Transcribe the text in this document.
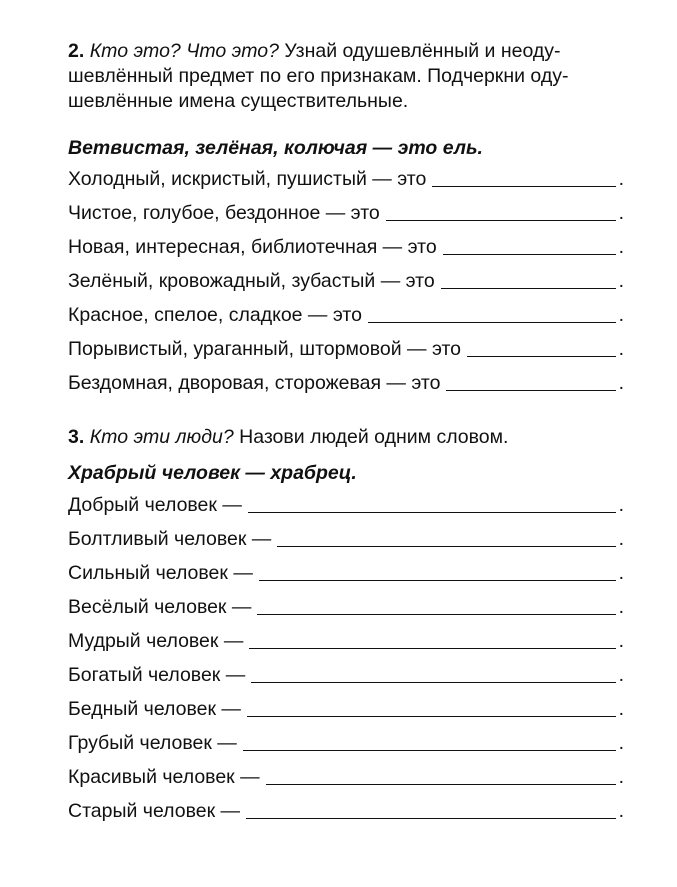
2. Кто это? Что это? Узнай одушевлённый и неоду-
шевлённый предмет по его признакам. Подчеркни оду-
шевлённые имена существительные.
Ветвистая, зелёная, колючая — это ель.
Холодный, искристый, пушистый — это	.
Чистое, голубое, бездонное — это	.
Новая, интересная, библиотечная — это	.
Зелёный, кровожадный, зубастый — это	.
Красное, спелое, сладкое — это	.
Порывистый, ураганный, штормовой — это	.
Бездомная, дворовая, сторожевая — это	.
3. Кто эти люди? Назови людей одним словом.
Храбрый человек — храбрец.
Добрый человек —	.
Болтливый человек —	.
Сильный человек —	.
Весёлый человек —	.
Мудрый человек —	.
Богатый человек —	.
Бедный человек —	.
Грубый человек —	.
Красивый человек —	.
Старый человек —	.
